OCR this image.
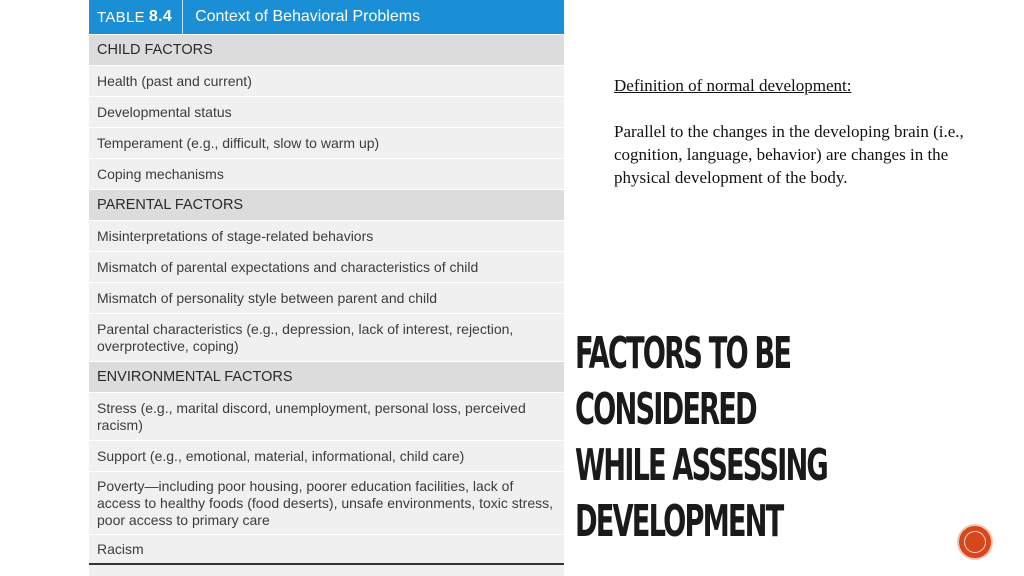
TABLE 8.4	Context of Behavioral Problems
CHILD FACTORS
Health (past and current)
Developmental status
Temperament (e.g., difficult, slow to warm up)
Coping mechanisms
PARENTAL FACTORS
Misinterpretations of stage-related behaviors
Mismatch of parental expectations and characteristics of child
Mismatch of personality style between parent and child
Parental characteristics (e.g., depression, lack of interest, rejection, overprotective, coping)
ENVIRONMENTAL FACTORS
Stress (e.g., marital discord, unemployment, personal loss, perceived racism)
Support (e.g., emotional, material, informational, child care)
Poverty—including poor housing, poorer education facilities, lack of access to healthy foods (food deserts), unsafe environments, toxic stress, poor access to primary care
Racism
Definition of normal development:
Parallel to the changes in the developing brain (i.e., cognition, language, behavior) are changes in the physical development of the body.
FACTORS TO BE
CONSIDERED
WHILE ASSESSING
DEVELOPMENT
